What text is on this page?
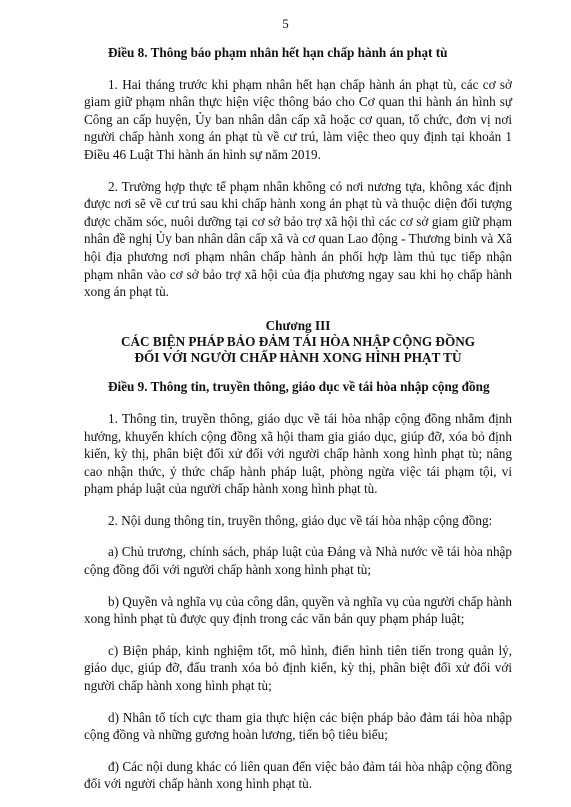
5

Điều 8. Thông báo phạm nhân hết hạn chấp hành án phạt tù

1. Hai tháng trước khi phạm nhân hết hạn chấp hành án phạt tù, các cơ sở giam giữ phạm nhân thực hiện việc thông báo cho Cơ quan thi hành án hình sự Công an cấp huyện, Ủy ban nhân dân cấp xã hoặc cơ quan, tổ chức, đơn vị nơi người chấp hành xong án phạt tù về cư trú, làm việc theo quy định tại khoản 1 Điều 46 Luật Thi hành án hình sự năm 2019.

2. Trường hợp thực tế phạm nhân không có nơi nương tựa, không xác định được nơi sẽ về cư trú sau khi chấp hành xong án phạt tù và thuộc diện đối tượng được chăm sóc, nuôi dưỡng tại cơ sở bảo trợ xã hội thì các cơ sở giam giữ phạm nhân đề nghị Ủy ban nhân dân cấp xã và cơ quan Lao động - Thương binh và Xã hội địa phương nơi phạm nhân chấp hành án phối hợp làm thủ tục tiếp nhận phạm nhân vào cơ sở bảo trợ xã hội của địa phương ngay sau khi họ chấp hành xong án phạt tù.

Chương III

CÁC BIỆN PHÁP BẢO ĐẢM TÁI HÒA NHẬP CỘNG ĐỒNG
ĐỐI VỚI NGƯỜI CHẤP HÀNH XONG HÌNH PHẠT TÙ

Điều 9. Thông tin, truyền thông, giáo dục về tái hòa nhập cộng đồng

1. Thông tin, truyền thông, giáo dục về tái hòa nhập cộng đồng nhằm định hướng, khuyến khích cộng đồng xã hội tham gia giáo dục, giúp đỡ, xóa bỏ định kiến, kỳ thị, phân biệt đối xử đối với người chấp hành xong hình phạt tù; nâng cao nhận thức, ý thức chấp hành pháp luật, phòng ngừa việc tái phạm tội, vi phạm pháp luật của người chấp hành xong hình phạt tù.

2. Nội dung thông tin, truyền thông, giáo dục về tái hòa nhập cộng đồng:

a) Chủ trương, chính sách, pháp luật của Đảng và Nhà nước về tái hòa nhập cộng đồng đối với người chấp hành xong hình phạt tù;

b) Quyền và nghĩa vụ của công dân, quyền và nghĩa vụ của người chấp hành xong hình phạt tù được quy định trong các văn bản quy phạm pháp luật;

c) Biện pháp, kinh nghiệm tốt, mô hình, điển hình tiên tiến trong quản lý, giáo dục, giúp đỡ, đấu tranh xóa bỏ định kiến, kỳ thị, phân biệt đối xử đối với người chấp hành xong hình phạt tù;

d) Nhân tố tích cực tham gia thực hiện các biện pháp bảo đảm tái hòa nhập cộng đồng và những gương hoàn lương, tiến bộ tiêu biểu;

đ) Các nội dung khác có liên quan đến việc bảo đảm tái hòa nhập cộng đồng đối với người chấp hành xong hình phạt tù.
